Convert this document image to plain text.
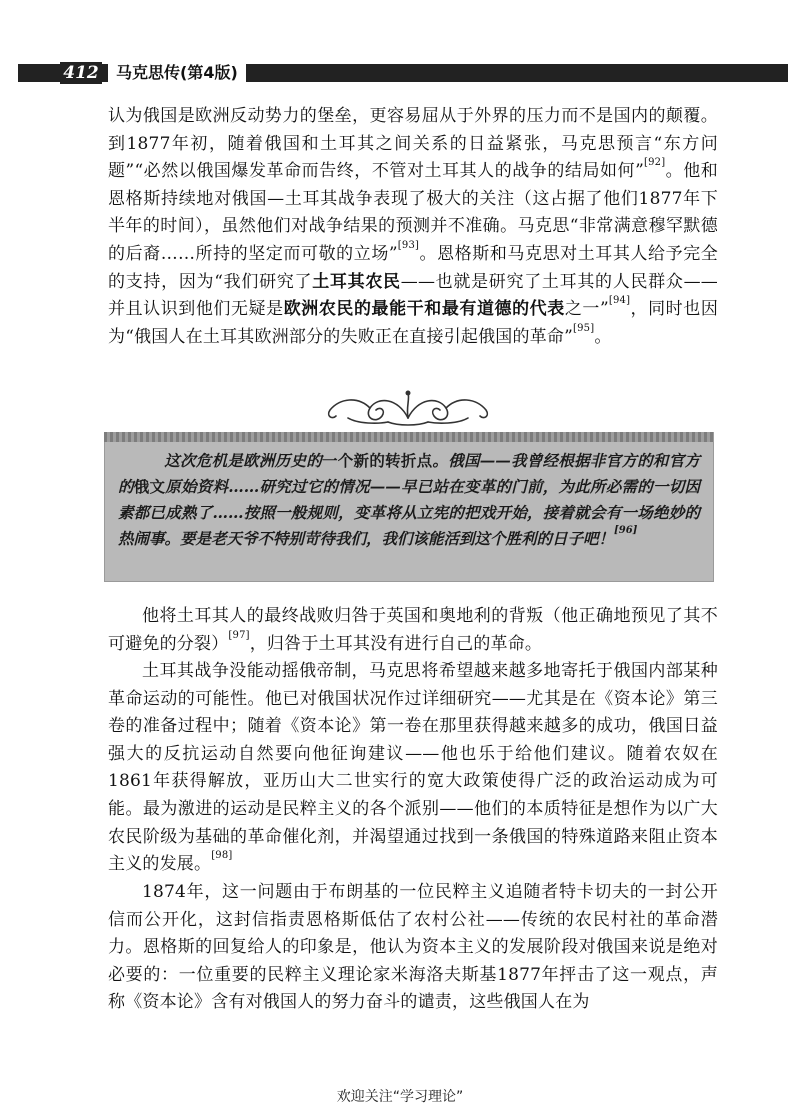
412	马克思传(第4版)
认为俄国是欧洲反动势力的堡垒，更容易屈从于外界的压力而不是国内的颠覆。到1877年初，随着俄国和土耳其之间关系的日益紧张，马克思预言“东方问题”“必然以俄国爆发革命而告终，不管对土耳其人的战争的结局如何”[92]。他和恩格斯持续地对俄国—土耳其战争表现了极大的关注（这占据了他们1877年下半年的时间），虽然他们对战争结果的预测并不准确。马克思“非常满意穆罕默德的后裔……所持的坚定而可敬的立场”[93]。恩格斯和马克思对土耳其人给予完全的支持，因为“我们研究了土耳其农民——也就是研究了土耳其的人民群众——并且认识到他们无疑是欧洲农民的最能干和最有道德的代表之一”[94]，同时也因为“俄国人在土耳其欧洲部分的失败正在直接引起俄国的革命”[95]。
这次危机是欧洲历史的一个新的转折点。俄国——我曾经根据非官方的和官方的俄文原始资料……研究过它的情况——早已站在变革的门前，为此所必需的一切因素都已成熟了……按照一般规则，变革将从立宪的把戏开始，接着就会有一场绝妙的热闹事。要是老天爷不特别苛待我们，我们该能活到这个胜利的日子吧！[96]
他将土耳其人的最终战败归咎于英国和奥地利的背叛（他正确地预见了其不可避免的分裂）[97]，归咎于土耳其没有进行自己的革命。
土耳其战争没能动摇俄帝制，马克思将希望越来越多地寄托于俄国内部某种革命运动的可能性。他已对俄国状况作过详细研究——尤其是在《资本论》第三卷的准备过程中；随着《资本论》第一卷在那里获得越来越多的成功，俄国日益强大的反抗运动自然要向他征询建议——他也乐于给他们建议。随着农奴在1861年获得解放，亚历山大二世实行的宽大政策使得广泛的政治运动成为可能。最为激进的运动是民粹主义的各个派别——他们的本质特征是想作为以广大农民阶级为基础的革命催化剂，并渴望通过找到一条俄国的特殊道路来阻止资本主义的发展。[98]
1874年，这一问题由于布朗基的一位民粹主义追随者特卡切夫的一封公开信而公开化，这封信指责恩格斯低估了农村公社——传统的农民村社的革命潜力。恩格斯的回复给人的印象是，他认为资本主义的发展阶段对俄国来说是绝对必要的：一位重要的民粹主义理论家米海洛夫斯基1877年抨击了这一观点，声称《资本论》含有对俄国人的努力奋斗的谴责，这些俄国人在为
欢迎关注“学习理论”
